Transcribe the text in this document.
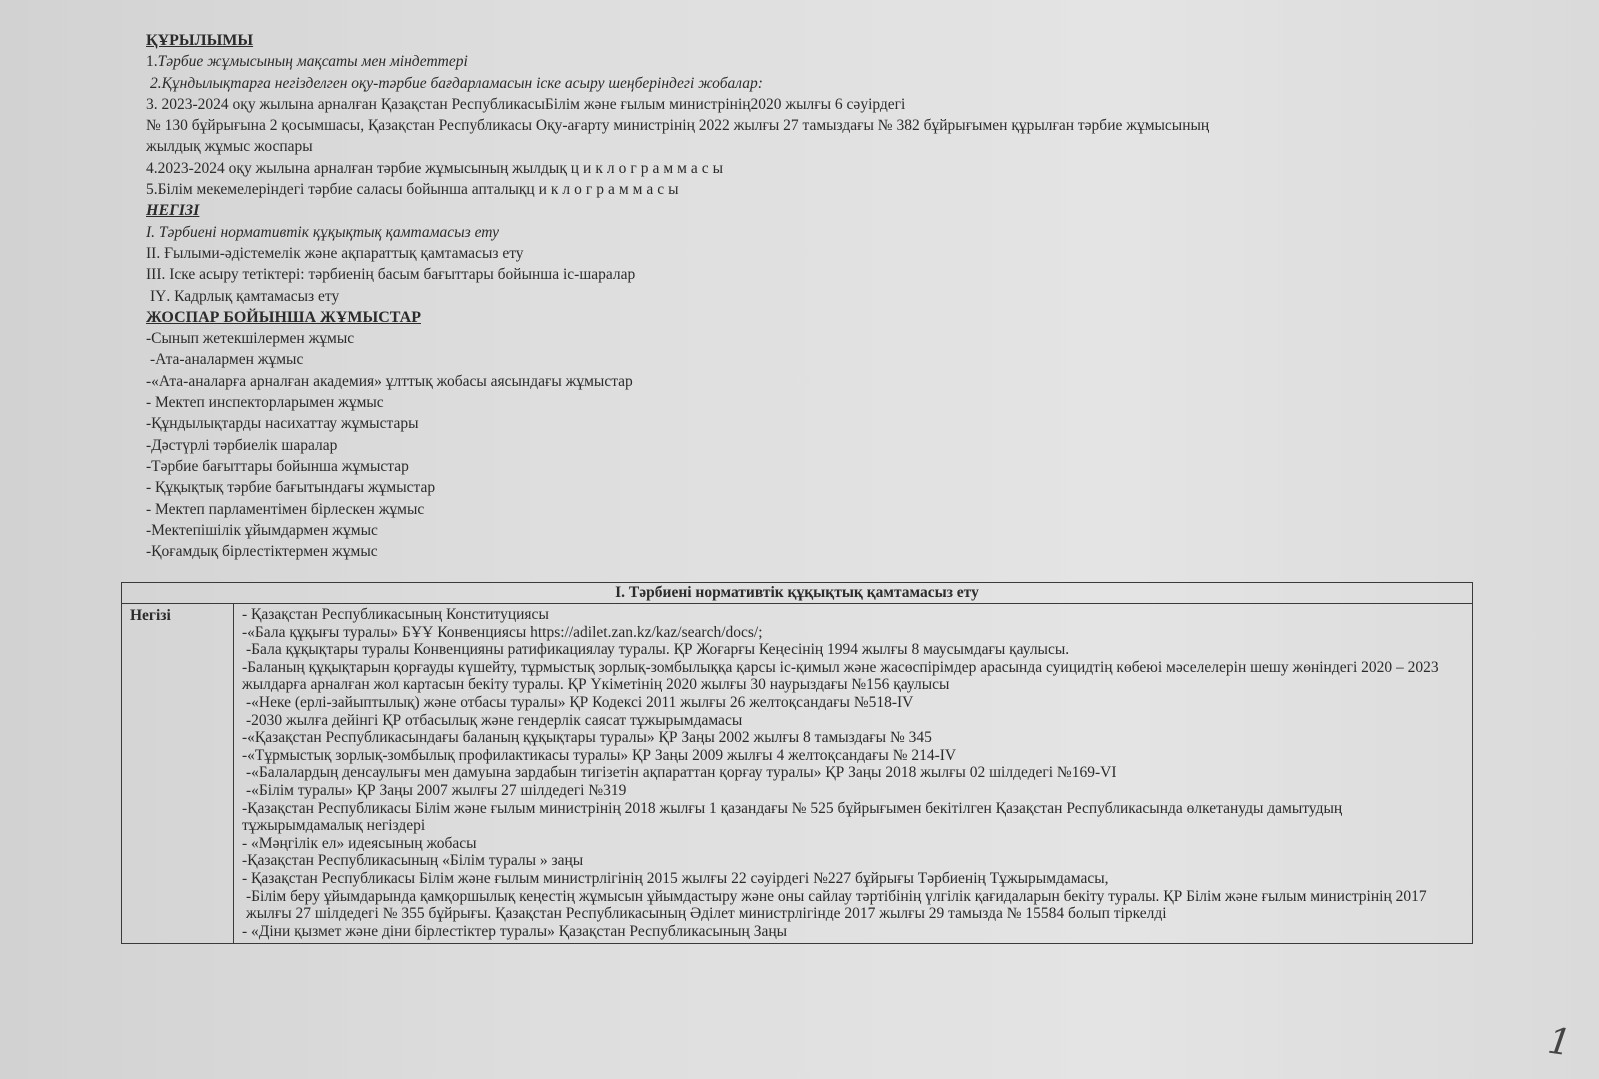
ҚҰРЫЛЫМЫ
1.Тәрбие жұмысының мақсаты мен міндеттері
2.Құндылықтарға негізделген оқу-тәрбие бағдарламасын іске асыру шеңберіндегі жобалар:
3. 2023-2024 оқу жылына арналған Қазақстан РеспубликасыБілім және ғылым министрінің2020 жылғы 6 сәуірдегі
№ 130 бұйрығына 2 қосымшасы, Қазақстан Республикасы Оқу-ағарту министрінің 2022 жылғы 27 тамыздағы № 382 бұйрығымен құрылған тәрбие жұмысының
жылдық жұмыс жоспары
4.2023-2024 оқу жылына арналған тәрбие жұмысының жылдық циклограммасы
5.Білім мекемелеріндегі тәрбие саласы бойынша апталықц иклограммасы
НЕГІЗІ
І. Тәрбиені нормативтік құқықтық қамтамасыз ету
ІІ. Ғылыми-әдістемелік және ақпараттық қамтамасыз ету
ІІІ. Іске асыру тетіктері: тәрбиенің басым бағыттары бойынша іс-шаралар
ІҮ. Кадрлық қамтамасыз ету
ЖОСПАР БОЙЫНША ЖҰМЫСТАР
-Сынып жетекшілермен жұмыс
-Ата-аналармен жұмыс
-«Ата-аналарға арналған академия» ұлттық жобасы аясындағы жұмыстар
- Мектеп инспекторларымен жұмыс
-Құндылықтарды насихаттау жұмыстары
-Дәстүрлі тәрбиелік шаралар
-Тәрбие бағыттары бойынша жұмыстар
- Құқықтық тәрбие бағытындағы жұмыстар
- Мектеп парламентімен бірлескен жұмыс
-Мектепішілік ұйымдармен жұмыс
-Қоғамдық бірлестіктермен жұмыс
І. Тәрбиені нормативтік құқықтық қамтамасыз ету
Негізі	- Қазақстан Республикасының Конституциясы
-«Бала құқығы туралы» БҰҰ Конвенциясы https://adilet.zan.kz/kaz/search/docs/;
-Бала құқықтары туралы Конвенцияны ратификациялау туралы. ҚР Жоғарғы Кеңесінің 1994 жылғы 8 маусымдағы қаулысы.
-Баланың құқықтарын қорғауды күшейту, тұрмыстық зорлық-зомбылыққа қарсы іс-қимыл және жасөспірімдер арасында суицидтің көбеюі мәселелерін шешу жөніндегі 2020 – 2023 жылдарға арналған жол картасын бекіту туралы. ҚР Үкіметінің 2020 жылғы 30 наурыздағы №156 қаулысы
-«Неке (ерлі-зайыптылық) және отбасы туралы» ҚР Кодексі 2011 жылғы 26 желтоқсандағы №518-IV
-2030 жылға дейінгі ҚР отбасылық және гендерлік саясат тұжырымдамасы
-«Қазақстан Республикасындағы баланың құқықтары туралы» ҚР Заңы 2002 жылғы 8 тамыздағы № 345
-«Тұрмыстық зорлық-зомбылық профилактикасы туралы» ҚР Заңы 2009 жылғы 4 желтоқсандағы № 214-IV
-«Балалардың денсаулығы мен дамуына зардабын тигізетін ақпараттан қорғау туралы» ҚР Заңы 2018 жылғы 02 шілдедегі №169-VI
-«Білім туралы» ҚР Заңы 2007 жылғы 27 шілдедегі №319
-Қазақстан Республикасы Білім және ғылым министрінің 2018 жылғы 1 қазандағы № 525 бұйрығымен бекітілген Қазақстан Республикасында өлкетануды дамытудың тұжырымдамалық негіздері
- «Мәңгілік ел» идеясының жобасы
-Қазақстан Республикасының «Білім туралы » заңы
- Қазақстан Республикасы Білім және ғылым министрлігінің 2015 жылғы 22 сәуірдегі №227 бұйрығы Тәрбиенің Тұжырымдамасы,
-Білім беру ұйымдарында қамқоршылық кеңестің жұмысын ұйымдастыру және оны сайлау тәртібінің үлгілік қағидаларын бекіту туралы. ҚР Білім және ғылым министрінің 2017 жылғы 27 шілдедегі № 355 бұйрығы. Қазақстан Республикасының Әділет министрлігінде 2017 жылғы 29 тамызда № 15584 болып тіркелді
- «Діни қызмет және діни бірлестіктер туралы» Қазақстан Республикасының Заңы
1
